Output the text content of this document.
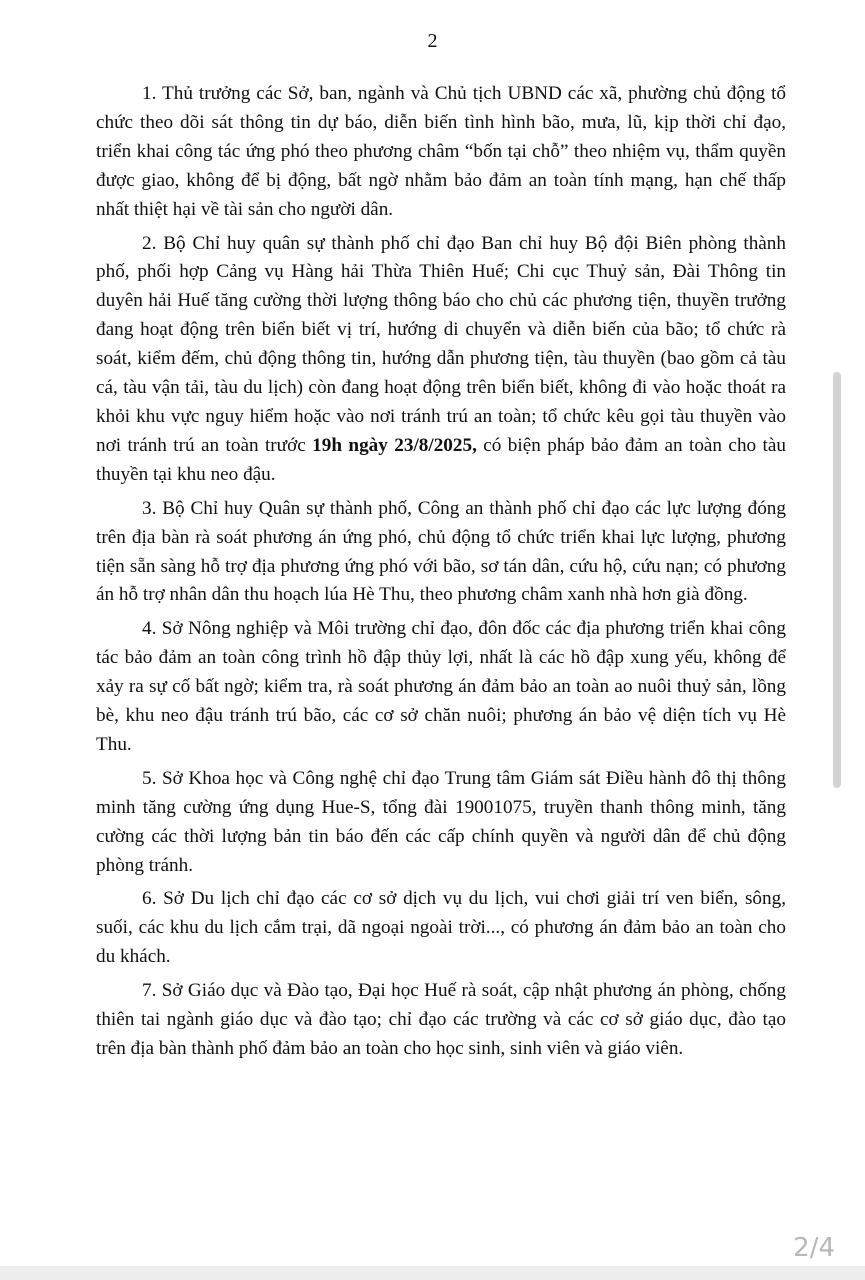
2

1. Thủ trưởng các Sở, ban, ngành và Chủ tịch UBND các xã, phường chủ động tổ chức theo dõi sát thông tin dự báo, diễn biến tình hình bão, mưa, lũ, kịp thời chỉ đạo, triển khai công tác ứng phó theo phương châm “bốn tại chỗ” theo nhiệm vụ, thẩm quyền được giao, không để bị động, bất ngờ nhằm bảo đảm an toàn tính mạng, hạn chế thấp nhất thiệt hại về tài sản cho người dân.

2. Bộ Chỉ huy quân sự thành phố chỉ đạo Ban chỉ huy Bộ đội Biên phòng thành phố, phối hợp Cảng vụ Hàng hải Thừa Thiên Huế; Chi cục Thuỷ sản, Đài Thông tin duyên hải Huế tăng cường thời lượng thông báo cho chủ các phương tiện, thuyền trưởng đang hoạt động trên biển biết vị trí, hướng di chuyển và diễn biến của bão; tổ chức rà soát, kiểm đếm, chủ động thông tin, hướng dẫn phương tiện, tàu thuyền (bao gồm cả tàu cá, tàu vận tải, tàu du lịch) còn đang hoạt động trên biển biết, không đi vào hoặc thoát ra khỏi khu vực nguy hiểm hoặc vào nơi tránh trú an toàn; tổ chức kêu gọi tàu thuyền vào nơi tránh trú an toàn trước 19h ngày 23/8/2025, có biện pháp bảo đảm an toàn cho tàu thuyền tại khu neo đậu.

3. Bộ Chỉ huy Quân sự thành phố, Công an thành phố chỉ đạo các lực lượng đóng trên địa bàn rà soát phương án ứng phó, chủ động tổ chức triển khai lực lượng, phương tiện sẵn sàng hỗ trợ địa phương ứng phó với bão, sơ tán dân, cứu hộ, cứu nạn; có phương án hỗ trợ nhân dân thu hoạch lúa Hè Thu, theo phương châm xanh nhà hơn già đồng.

4. Sở Nông nghiệp và Môi trường chỉ đạo, đôn đốc các địa phương triển khai công tác bảo đảm an toàn công trình hồ đập thủy lợi, nhất là các hồ đập xung yếu, không để xảy ra sự cố bất ngờ; kiểm tra, rà soát phương án đảm bảo an toàn ao nuôi thuỷ sản, lồng bè, khu neo đậu tránh trú bão, các cơ sở chăn nuôi; phương án bảo vệ diện tích vụ Hè Thu.

5. Sở Khoa học và Công nghệ chỉ đạo Trung tâm Giám sát Điều hành đô thị thông minh tăng cường ứng dụng Hue-S, tổng đài 19001075, truyền thanh thông minh, tăng cường các thời lượng bản tin báo đến các cấp chính quyền và người dân để chủ động phòng tránh.

6. Sở Du lịch chỉ đạo các cơ sở dịch vụ du lịch, vui chơi giải trí ven biển, sông, suối, các khu du lịch cắm trại, dã ngoại ngoài trời..., có phương án đảm bảo an toàn cho du khách.

7. Sở Giáo dục và Đào tạo, Đại học Huế rà soát, cập nhật phương án phòng, chống thiên tai ngành giáo dục và đào tạo; chỉ đạo các trường và các cơ sở giáo dục, đào tạo trên địa bàn thành phố đảm bảo an toàn cho học sinh, sinh viên và giáo viên.

2/4
